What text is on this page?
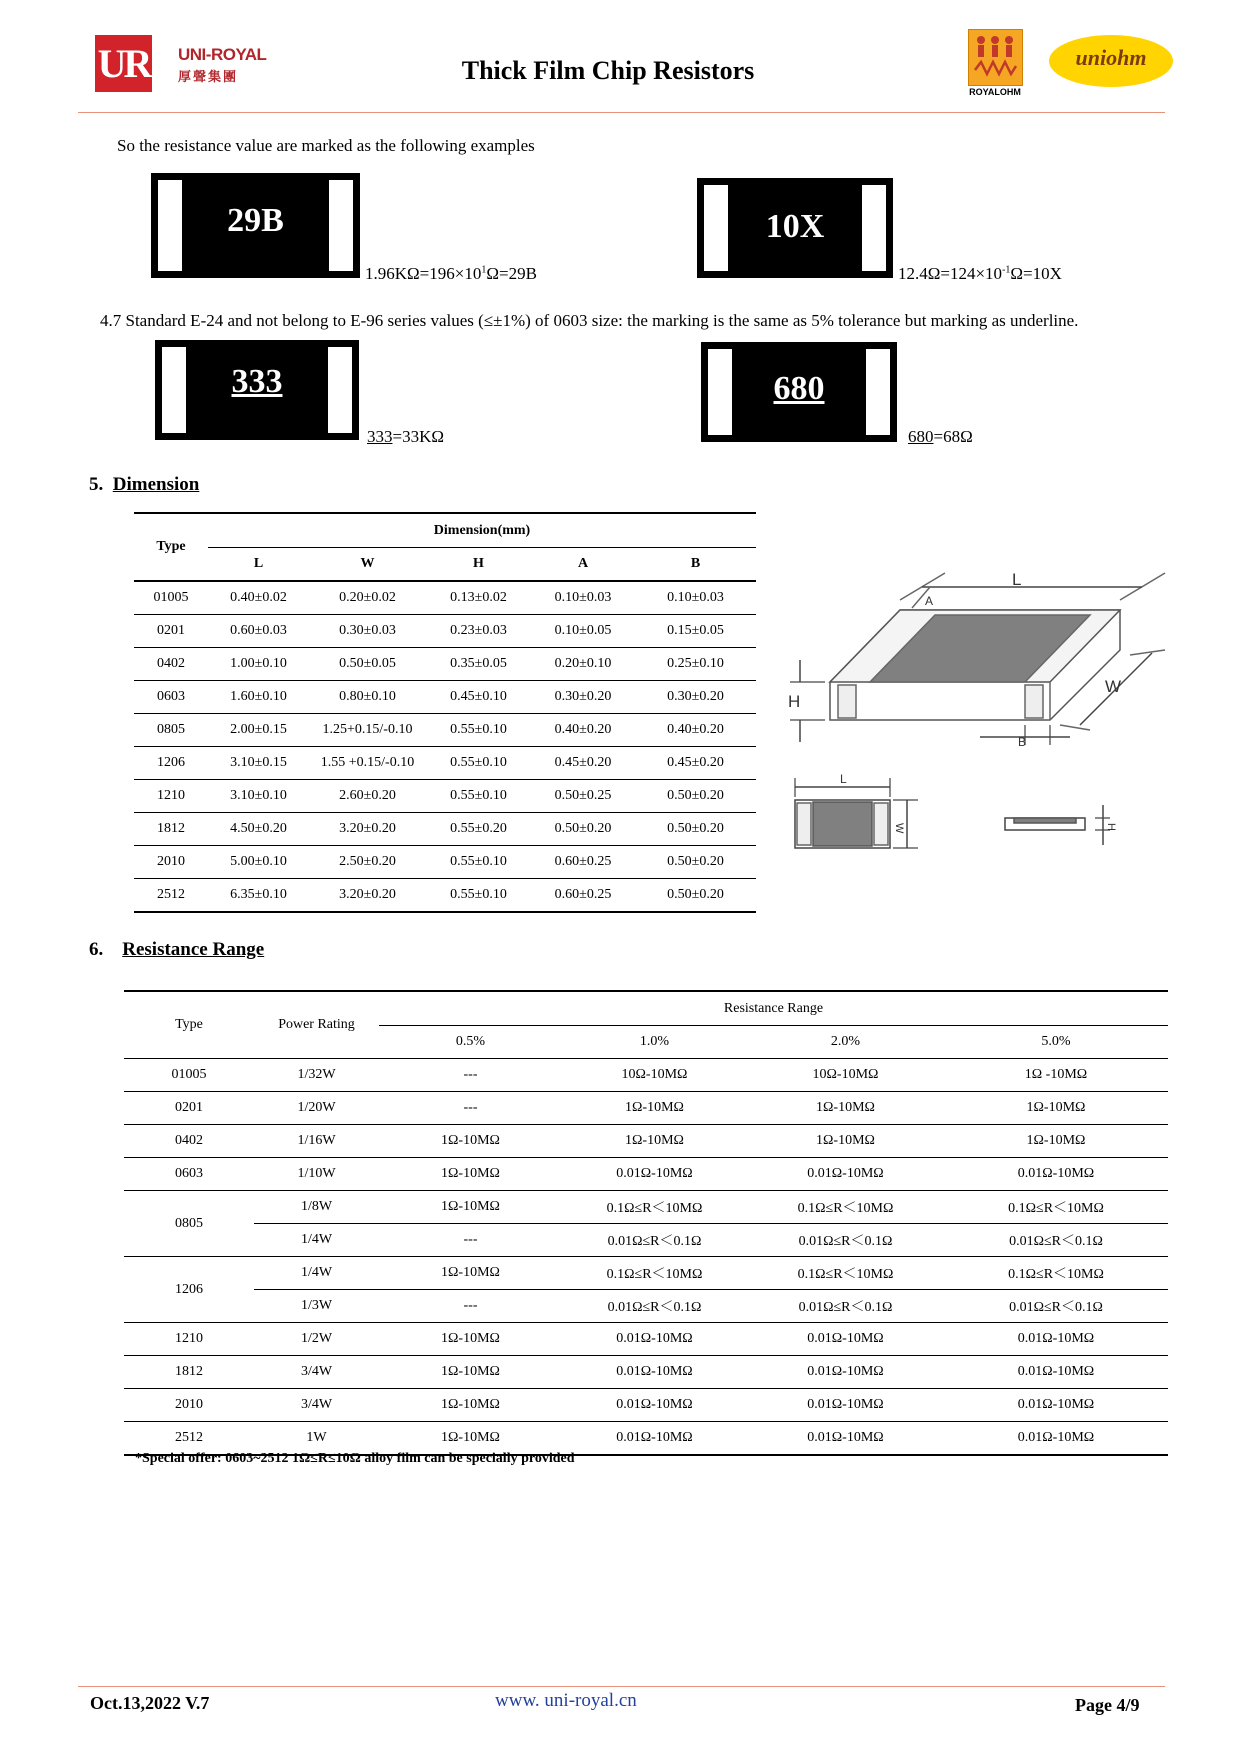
UR UNI-ROYAL
厚聲集團	Thick Film Chip Resistors
ROYALOHM
uniohm
So the resistance value are marked as the following examples
29B
$1.96K\Omega=196\times 10^1\Omega=29B$
10X
$12.4\Omega=124\times 10^{-1}\Omega=10X$
4.7 Standard E-24 and not belong to E-96 series values (≤±1%) of 0603 size: the marking is the same as 5% tolerance but marking as underline.
333
333=33KΩ
680
680=68Ω
5. Dimension
Type	Dimension(mm)				
	L	W	H	A	B
01005	0.40±0.02	0.20±0.02	0.13±0.02	0.10±0.03	0.10±0.03
0201	0.60±0.03	0.30±0.03	0.23±0.03	0.10±0.05	0.15±0.05
0402	1.00±0.10	0.50±0.05	0.35±0.05	0.20±0.10	0.25±0.10
0603	1.60±0.10	0.80±0.10	0.45±0.10	0.30±0.20	0.30±0.20
0805	2.00±0.15	1.25+0.15/-0.10	0.55±0.10	0.40±0.20	0.40±0.20
1206	3.10±0.15	1.55 +0.15/-0.10	0.55±0.10	0.45±0.20	0.45±0.20
1210	3.10±0.10	2.60±0.20	0.55±0.10	0.50±0.25	0.50±0.20
1812	4.50±0.20	3.20±0.20	0.55±0.20	0.50±0.20	0.50±0.20
2010	5.00±0.10	2.50±0.20	0.55±0.10	0.60±0.25	0.50±0.20
2512	6.35±0.10	3.20±0.20	0.55±0.10	0.60±0.25	0.50±0.20
L
A
W
H
B
L
W	H
6. Resistance Range
Type	Power Rating	Resistance Range			
		0.5%	1.0%	2.0%	5.0%
01005	1/32W	---	10Ω-10MΩ	10Ω-10MΩ	1Ω -10MΩ
0201	1/20W	---	1Ω-10MΩ	1Ω-10MΩ	1Ω-10MΩ
0402	1/16W	1Ω-10MΩ	1Ω-10MΩ	1Ω-10MΩ	1Ω-10MΩ
0603	1/10W	1Ω-10MΩ	0.01Ω-10MΩ	0.01Ω-10MΩ	0.01Ω-10MΩ
0805	1/8W	1Ω-10MΩ	0.1Ω≤R＜10MΩ	0.1Ω≤R＜10MΩ	0.1Ω≤R＜10MΩ
	1/4W	---	0.01Ω≤R＜0.1Ω	0.01Ω≤R＜0.1Ω	0.01Ω≤R＜0.1Ω
1206	1/4W	1Ω-10MΩ	0.1Ω≤R＜10MΩ	0.1Ω≤R＜10MΩ	0.1Ω≤R＜10MΩ
	1/3W	---	0.01Ω≤R＜0.1Ω	0.01Ω≤R＜0.1Ω	0.01Ω≤R＜0.1Ω
1210	1/2W	1Ω-10MΩ	0.01Ω-10MΩ	0.01Ω-10MΩ	0.01Ω-10MΩ
1812	3/4W	1Ω-10MΩ	0.01Ω-10MΩ	0.01Ω-10MΩ	0.01Ω-10MΩ
2010	3/4W	1Ω-10MΩ	0.01Ω-10MΩ	0.01Ω-10MΩ	0.01Ω-10MΩ
2512	1W	1Ω-10MΩ	0.01Ω-10MΩ	0.01Ω-10MΩ	0.01Ω-10MΩ
*Special offer: 0603~2512 1Ω≤R≤10Ω alloy film can be specially provided
Oct.13,2022 V.7	www. uni-royal.cn	Page 4/9
